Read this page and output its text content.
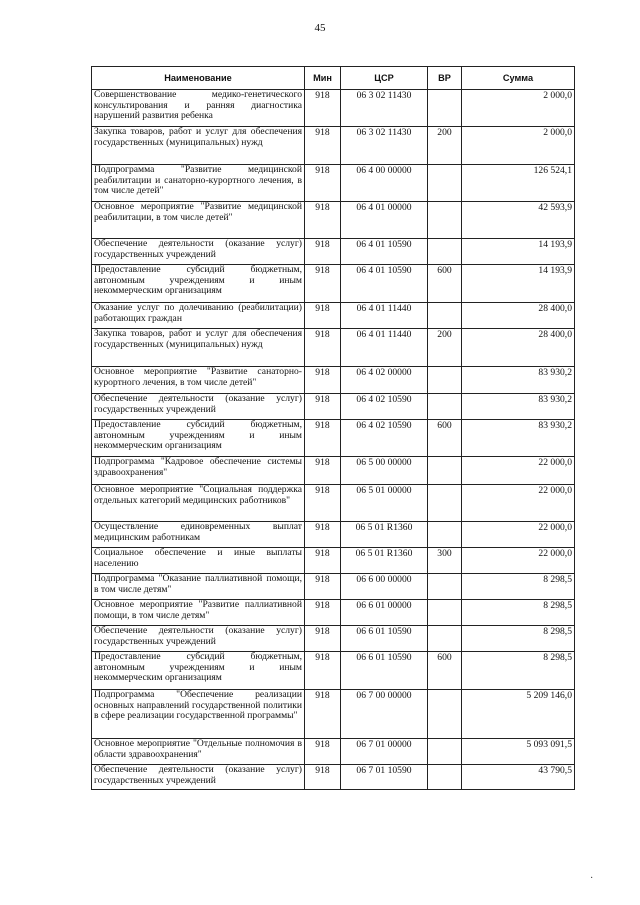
45
Наименование	Мин	ЦСР	ВР	Сумма
Совершенствование медико-генетического консультирования и ранняя диагностика нарушений развития ребенка	918	06 3 02 11430		2 000,0
Закупка товаров, работ и услуг для обеспечения государственных (муниципальных) нужд	918	06 3 02 11430	200	2 000,0
Подпрограмма "Развитие медицинской реабилитации и санаторно-курортного лечения, в том числе детей"	918	06 4 00 00000		126 524,1
Основное мероприятие "Развитие медицинской реабилитации, в том числе детей"	918	06 4 01 00000		42 593,9
Обеспечение деятельности (оказание услуг) государственных учреждений	918	06 4 01 10590		14 193,9
Предоставление субсидий бюджетным, автономным учреждениям и иным некоммерческим организациям	918	06 4 01 10590	600	14 193,9
Оказание услуг по долечиванию (реабилитации) работающих граждан	918	06 4 01 11440		28 400,0
Закупка товаров, работ и услуг для обеспечения государственных (муниципальных) нужд	918	06 4 01 11440	200	28 400,0
Основное мероприятие "Развитие санаторно-курортного лечения, в том числе детей"	918	06 4 02 00000		83 930,2
Обеспечение деятельности (оказание услуг) государственных учреждений	918	06 4 02 10590		83 930,2
Предоставление субсидий бюджетным, автономным учреждениям и иным некоммерческим организациям	918	06 4 02 10590	600	83 930,2
Подпрограмма "Кадровое обеспечение системы здравоохранения"	918	06 5 00 00000		22 000,0
Основное мероприятие "Социальная поддержка отдельных категорий медицинских работников"	918	06 5 01 00000		22 000,0
Осуществление единовременных выплат медицинским работникам	918	06 5 01 R1360		22 000,0
Социальное обеспечение и иные выплаты населению	918	06 5 01 R1360	300	22 000,0
Подпрограмма "Оказание паллиативной помощи, в том числе детям"	918	06 6 00 00000		8 298,5
Основное мероприятие "Развитие паллиативной помощи, в том числе детям"	918	06 6 01 00000		8 298,5
Обеспечение деятельности (оказание услуг) государственных учреждений	918	06 6 01 10590		8 298,5
Предоставление субсидий бюджетным, автономным учреждениям и иным некоммерческим организациям	918	06 6 01 10590	600	8 298,5
Подпрограмма "Обеспечение реализации основных направлений государственной политики в сфере реализации государственной программы"	918	06 7 00 00000		5 209 146,0
Основное мероприятие "Отдельные полномочия в области здравоохранения"	918	06 7 01 00000		5 093 091,5
Обеспечение деятельности (оказание услуг) государственных учреждений	918	06 7 01 10590		43 790,5
·
